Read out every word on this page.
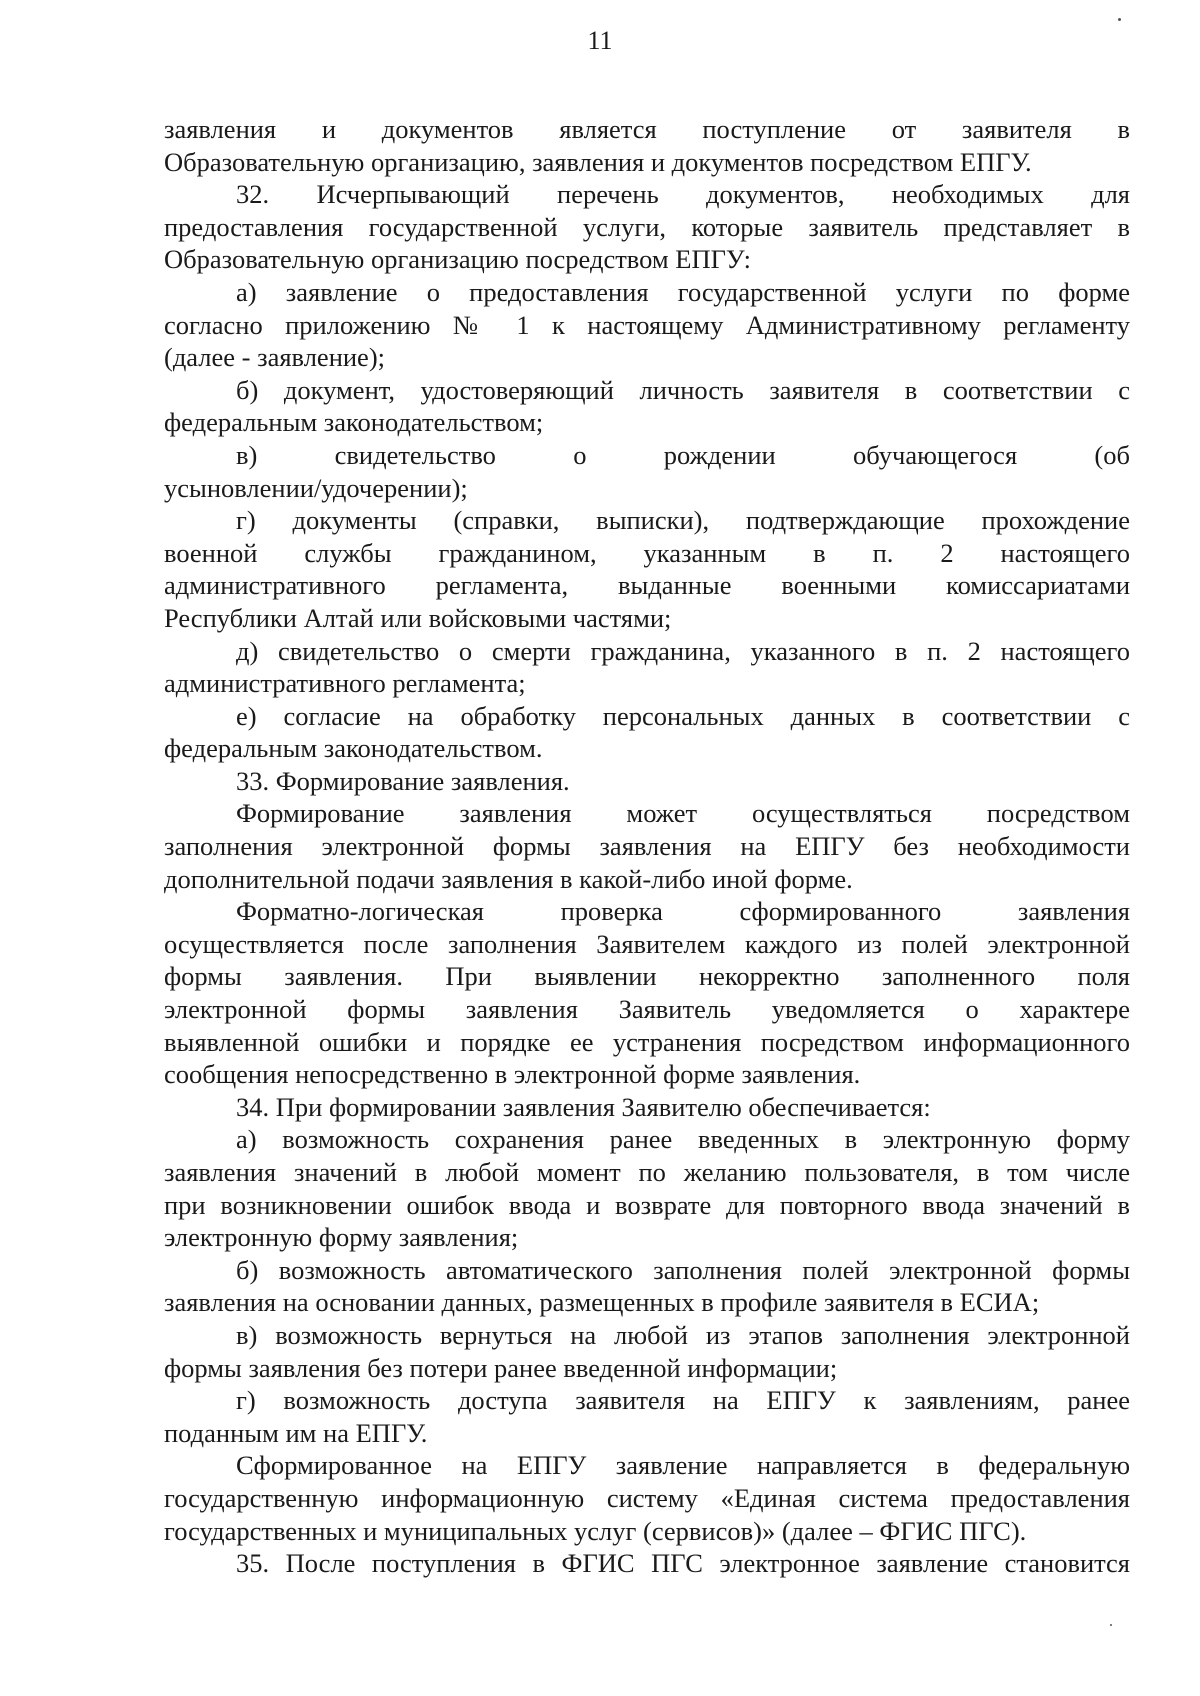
11
заявления и документов является поступление от заявителя в
Образовательную организацию, заявления и документов посредством ЕПГУ.
32. Исчерпывающий перечень документов, необходимых для
предоставления государственной услуги, которые заявитель представляет в
Образовательную организацию посредством ЕПГУ:
а) заявление о предоставления государственной услуги по форме
согласно приложению № 1 к настоящему Административному регламенту
(далее - заявление);
б) документ, удостоверяющий личность заявителя в соответствии с
федеральным законодательством;
в) свидетельство о рождении обучающегося (об
усыновлении/удочерении);
г) документы (справки, выписки), подтверждающие прохождение
военной службы гражданином, указанным в п. 2 настоящего
административного регламента, выданные военными комиссариатами
Республики Алтай или войсковыми частями;
д) свидетельство о смерти гражданина, указанного в п. 2 настоящего
административного регламента;
е) согласие на обработку персональных данных в соответствии с
федеральным законодательством.
33. Формирование заявления.
Формирование заявления может осуществляться посредством
заполнения электронной формы заявления на ЕПГУ без необходимости
дополнительной подачи заявления в какой-либо иной форме.
Форматно-логическая проверка сформированного заявления
осуществляется после заполнения Заявителем каждого из полей электронной
формы заявления. При выявлении некорректно заполненного поля
электронной формы заявления Заявитель уведомляется о характере
выявленной ошибки и порядке ее устранения посредством информационного
сообщения непосредственно в электронной форме заявления.
34. При формировании заявления Заявителю обеспечивается:
а) возможность сохранения ранее введенных в электронную форму
заявления значений в любой момент по желанию пользователя, в том числе
при возникновении ошибок ввода и возврате для повторного ввода значений в
электронную форму заявления;
б) возможность автоматического заполнения полей электронной формы
заявления на основании данных, размещенных в профиле заявителя в ЕСИА;
в) возможность вернуться на любой из этапов заполнения электронной
формы заявления без потери ранее введенной информации;
г) возможность доступа заявителя на ЕПГУ к заявлениям, ранее
поданным им на ЕПГУ.
Сформированное на ЕПГУ заявление направляется в федеральную
государственную информационную систему «Единая система предоставления
государственных и муниципальных услуг (сервисов)» (далее – ФГИС ПГС).
35. После поступления в ФГИС ПГС электронное заявление становится
